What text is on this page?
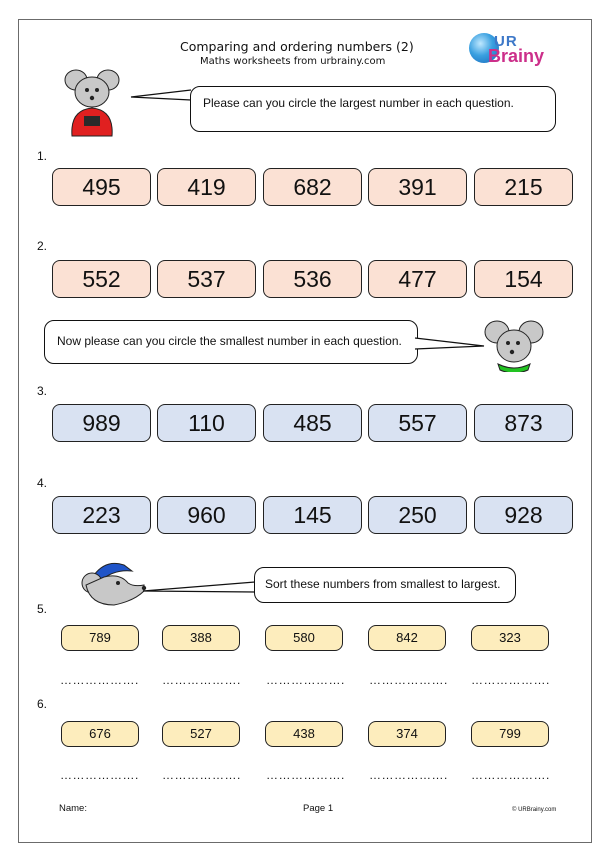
Comparing and ordering numbers (2)
Maths worksheets from urbrainy.com
UR
Brainy
Please can you circle the largest number in each question.
1.
495	419	682	391	215
2.
552	537	536	477	154
Now please can you circle the smallest number in each question.
3.
989	110	485	557	873
4.
223	960	145	250	928
Sort these numbers from smallest to largest.
5.
789	388	580	842	323
………………. ………………. ………………. ………………. ……………….
6.
676	527	438	374	799
………………. ………………. ………………. ………………. ……………….
Name:	Page 1	© URBrainy.com
